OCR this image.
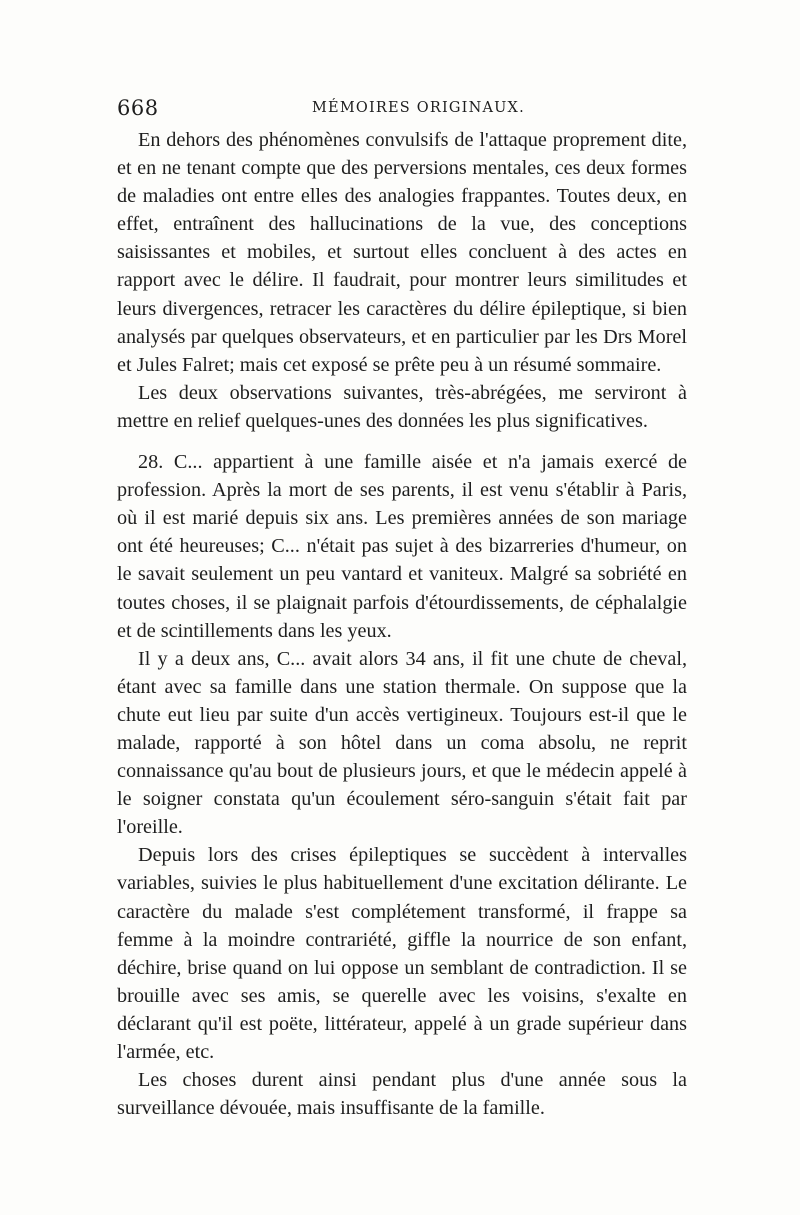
668	MÉMOIRES ORIGINAUX.

En dehors des phénomènes convulsifs de l'attaque proprement dite, et en ne tenant compte que des perversions mentales, ces deux formes de maladies ont entre elles des analogies frappantes. Toutes deux, en effet, entraînent des hallucinations de la vue, des conceptions saisissantes et mobiles, et surtout elles concluent à des actes en rapport avec le délire. Il faudrait, pour montrer leurs similitudes et leurs divergences, retracer les caractères du délire épileptique, si bien analysés par quelques observateurs, et en particulier par les Drs Morel et Jules Falret; mais cet exposé se prête peu à un résumé sommaire.

Les deux observations suivantes, très-abrégées, me serviront à mettre en relief quelques-unes des données les plus significatives.

28. C... appartient à une famille aisée et n'a jamais exercé de profession. Après la mort de ses parents, il est venu s'établir à Paris, où il est marié depuis six ans. Les premières années de son mariage ont été heureuses; C... n'était pas sujet à des bizarreries d'humeur, on le savait seulement un peu vantard et vaniteux. Malgré sa sobriété en toutes choses, il se plaignait parfois d'étourdissements, de céphalalgie et de scintillements dans les yeux.

Il y a deux ans, C... avait alors 34 ans, il fit une chute de cheval, étant avec sa famille dans une station thermale. On suppose que la chute eut lieu par suite d'un accès vertigineux. Toujours est-il que le malade, rapporté à son hôtel dans un coma absolu, ne reprit connaissance qu'au bout de plusieurs jours, et que le médecin appelé à le soigner constata qu'un écoulement séro-sanguin s'était fait par l'oreille.

Depuis lors des crises épileptiques se succèdent à intervalles variables, suivies le plus habituellement d'une excitation délirante. Le caractère du malade s'est complétement transformé, il frappe sa femme à la moindre contrariété, giffle la nourrice de son enfant, déchire, brise quand on lui oppose un semblant de contradiction. Il se brouille avec ses amis, se querelle avec les voisins, s'exalte en déclarant qu'il est poëte, littérateur, appelé à un grade supérieur dans l'armée, etc.

Les choses durent ainsi pendant plus d'une année sous la surveillance dévouée, mais insuffisante de la famille.
